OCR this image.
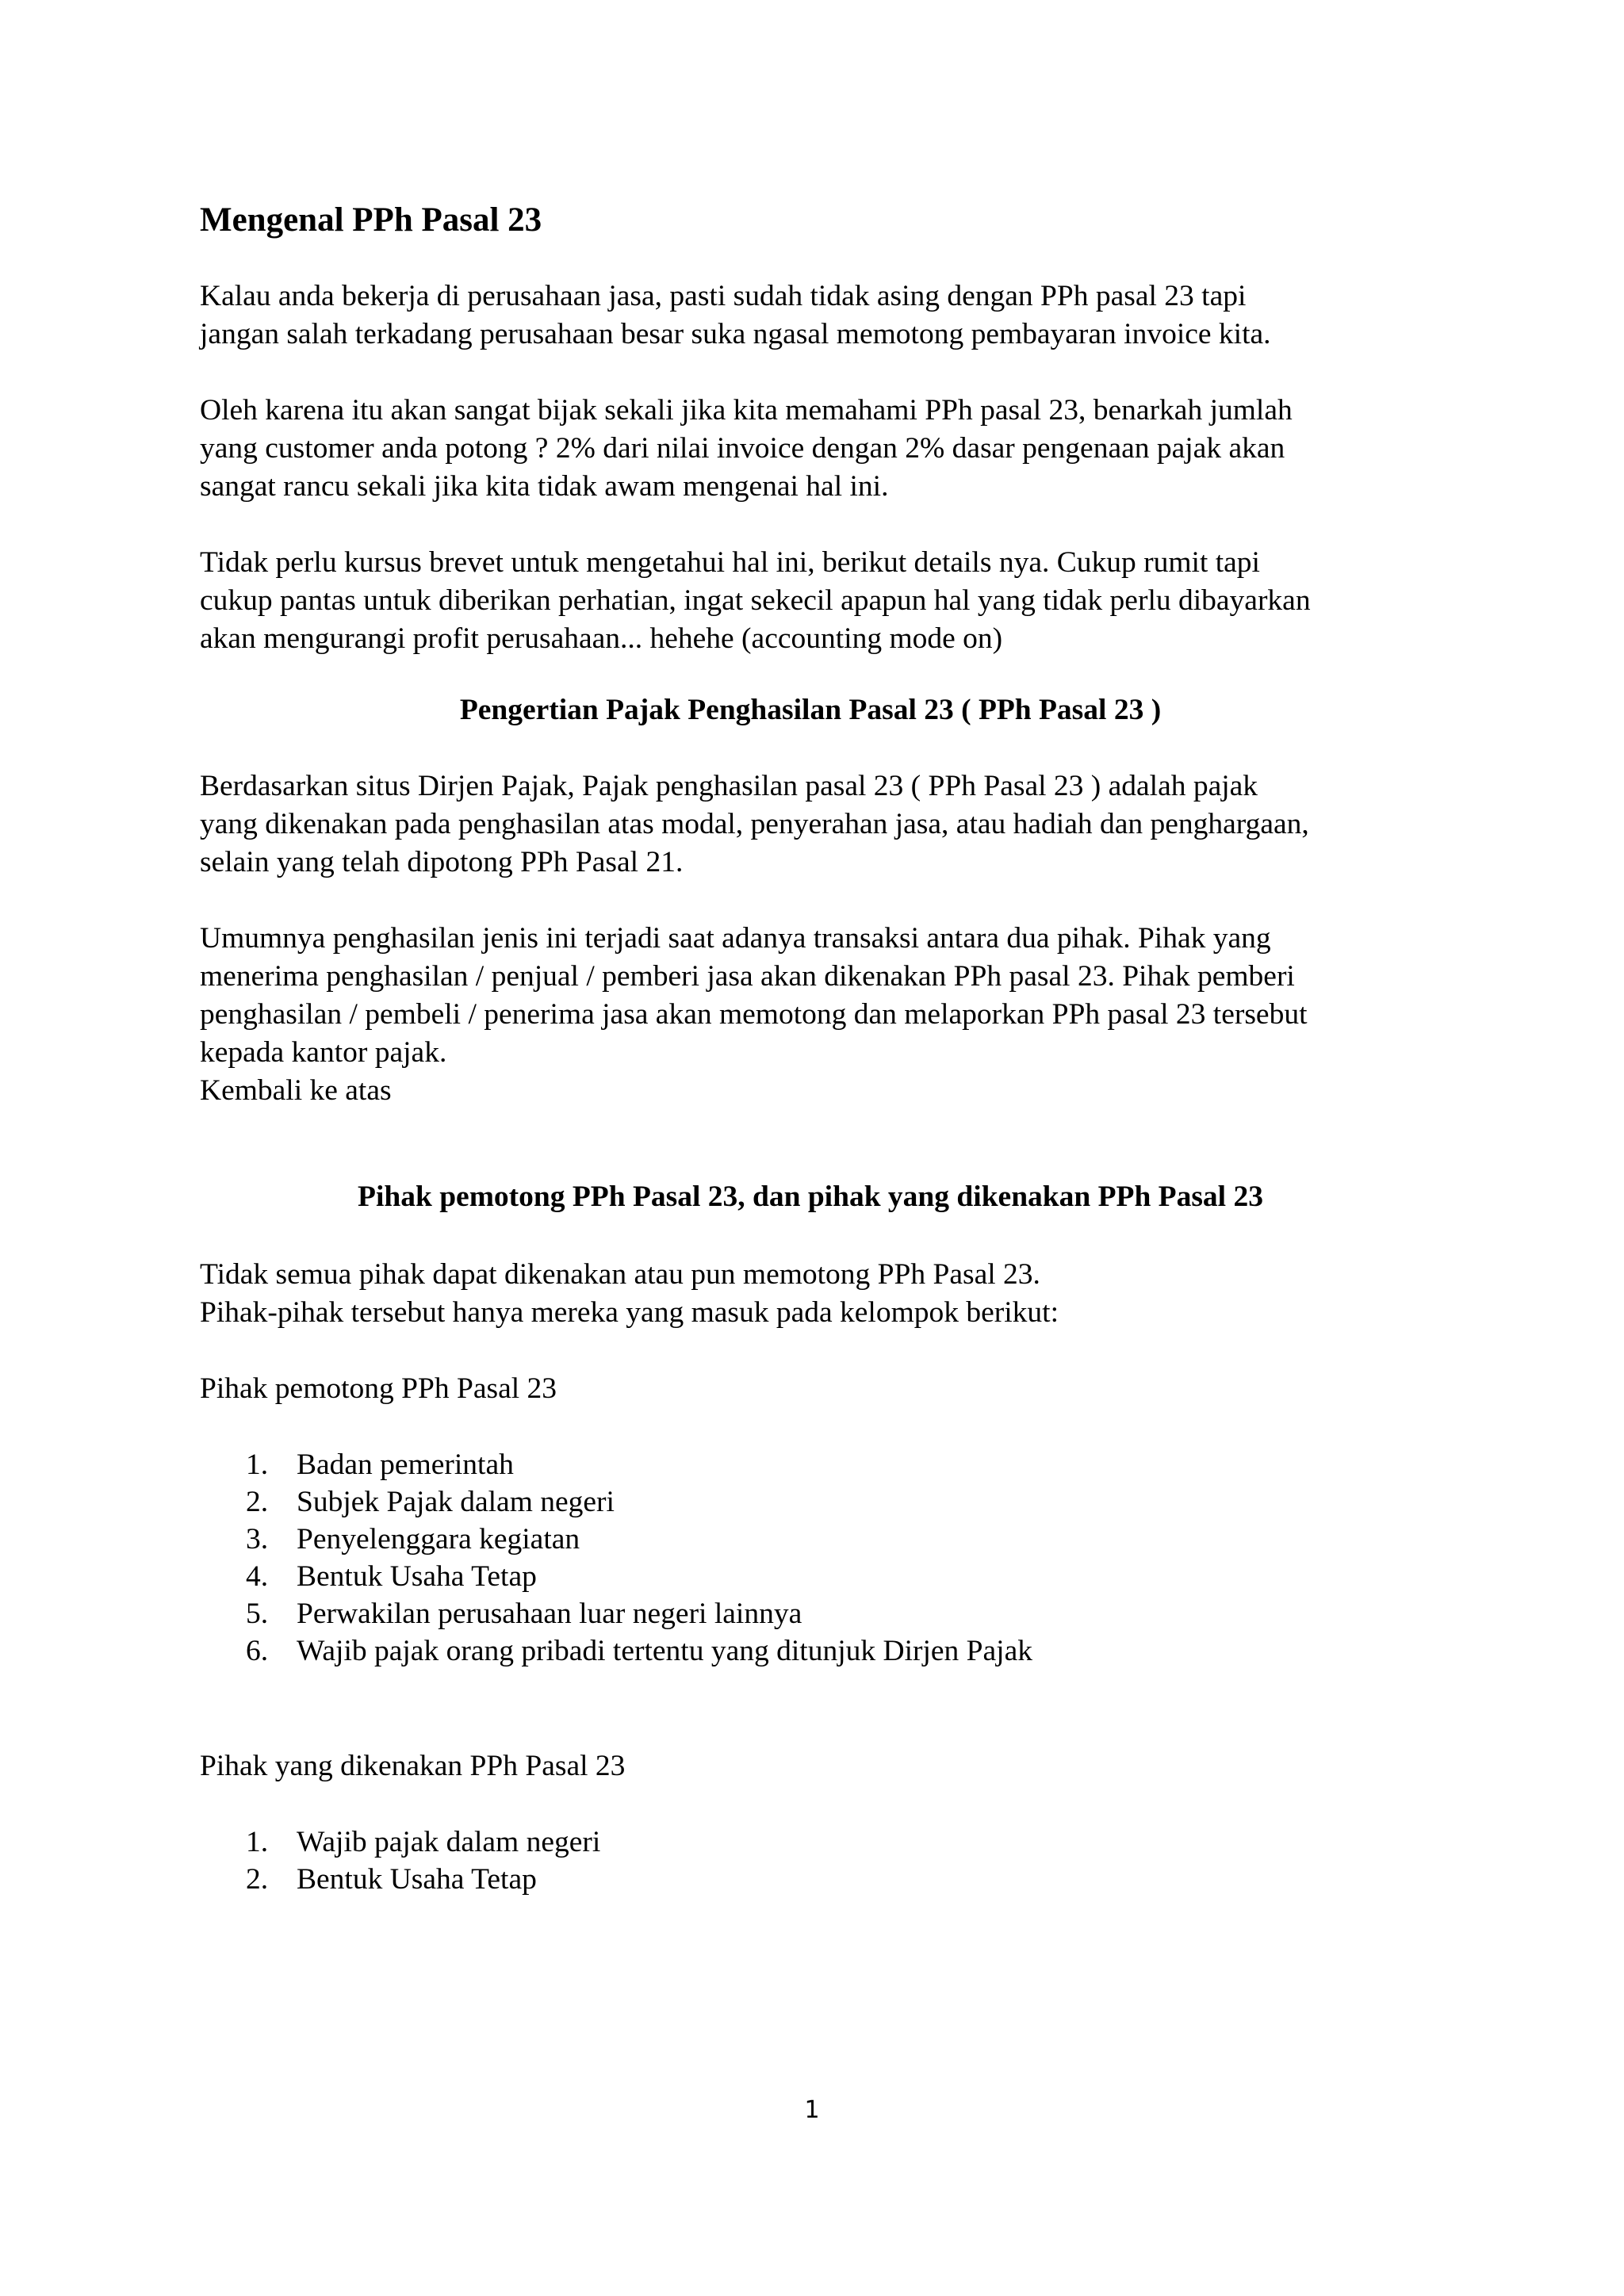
Mengenal PPh Pasal 23

Kalau anda bekerja di perusahaan jasa, pasti sudah tidak asing dengan PPh pasal 23 tapi
jangan salah terkadang perusahaan besar suka ngasal memotong pembayaran invoice kita.

Oleh karena itu akan sangat bijak sekali jika kita memahami PPh pasal 23, benarkah jumlah
yang customer anda potong ? 2% dari nilai invoice dengan 2% dasar pengenaan pajak akan
sangat rancu sekali jika kita tidak awam mengenai hal ini.

Tidak perlu kursus brevet untuk mengetahui hal ini, berikut details nya. Cukup rumit tapi
cukup pantas untuk diberikan perhatian, ingat sekecil apapun hal yang tidak perlu dibayarkan
akan mengurangi profit perusahaan... hehehe (accounting mode on)

Pengertian Pajak Penghasilan Pasal 23 ( PPh Pasal 23 )

Berdasarkan situs Dirjen Pajak, Pajak penghasilan pasal 23 ( PPh Pasal 23 ) adalah pajak
yang dikenakan pada penghasilan atas modal, penyerahan jasa, atau hadiah dan penghargaan,
selain yang telah dipotong PPh Pasal 21.

Umumnya penghasilan jenis ini terjadi saat adanya transaksi antara dua pihak. Pihak yang
menerima penghasilan / penjual / pemberi jasa akan dikenakan PPh pasal 23. Pihak pemberi
penghasilan / pembeli / penerima jasa akan memotong dan melaporkan PPh pasal 23 tersebut
kepada kantor pajak.
Kembali ke atas

Pihak pemotong PPh Pasal 23, dan pihak yang dikenakan PPh Pasal 23

Tidak semua pihak dapat dikenakan atau pun memotong PPh Pasal 23.
Pihak-pihak tersebut hanya mereka yang masuk pada kelompok berikut:

Pihak pemotong PPh Pasal 23

1. Badan pemerintah
2. Subjek Pajak dalam negeri
3. Penyelenggara kegiatan
4. Bentuk Usaha Tetap
5. Perwakilan perusahaan luar negeri lainnya
6. Wajib pajak orang pribadi tertentu yang ditunjuk Dirjen Pajak

Pihak yang dikenakan PPh Pasal 23

1. Wajib pajak dalam negeri
2. Bentuk Usaha Tetap

1
